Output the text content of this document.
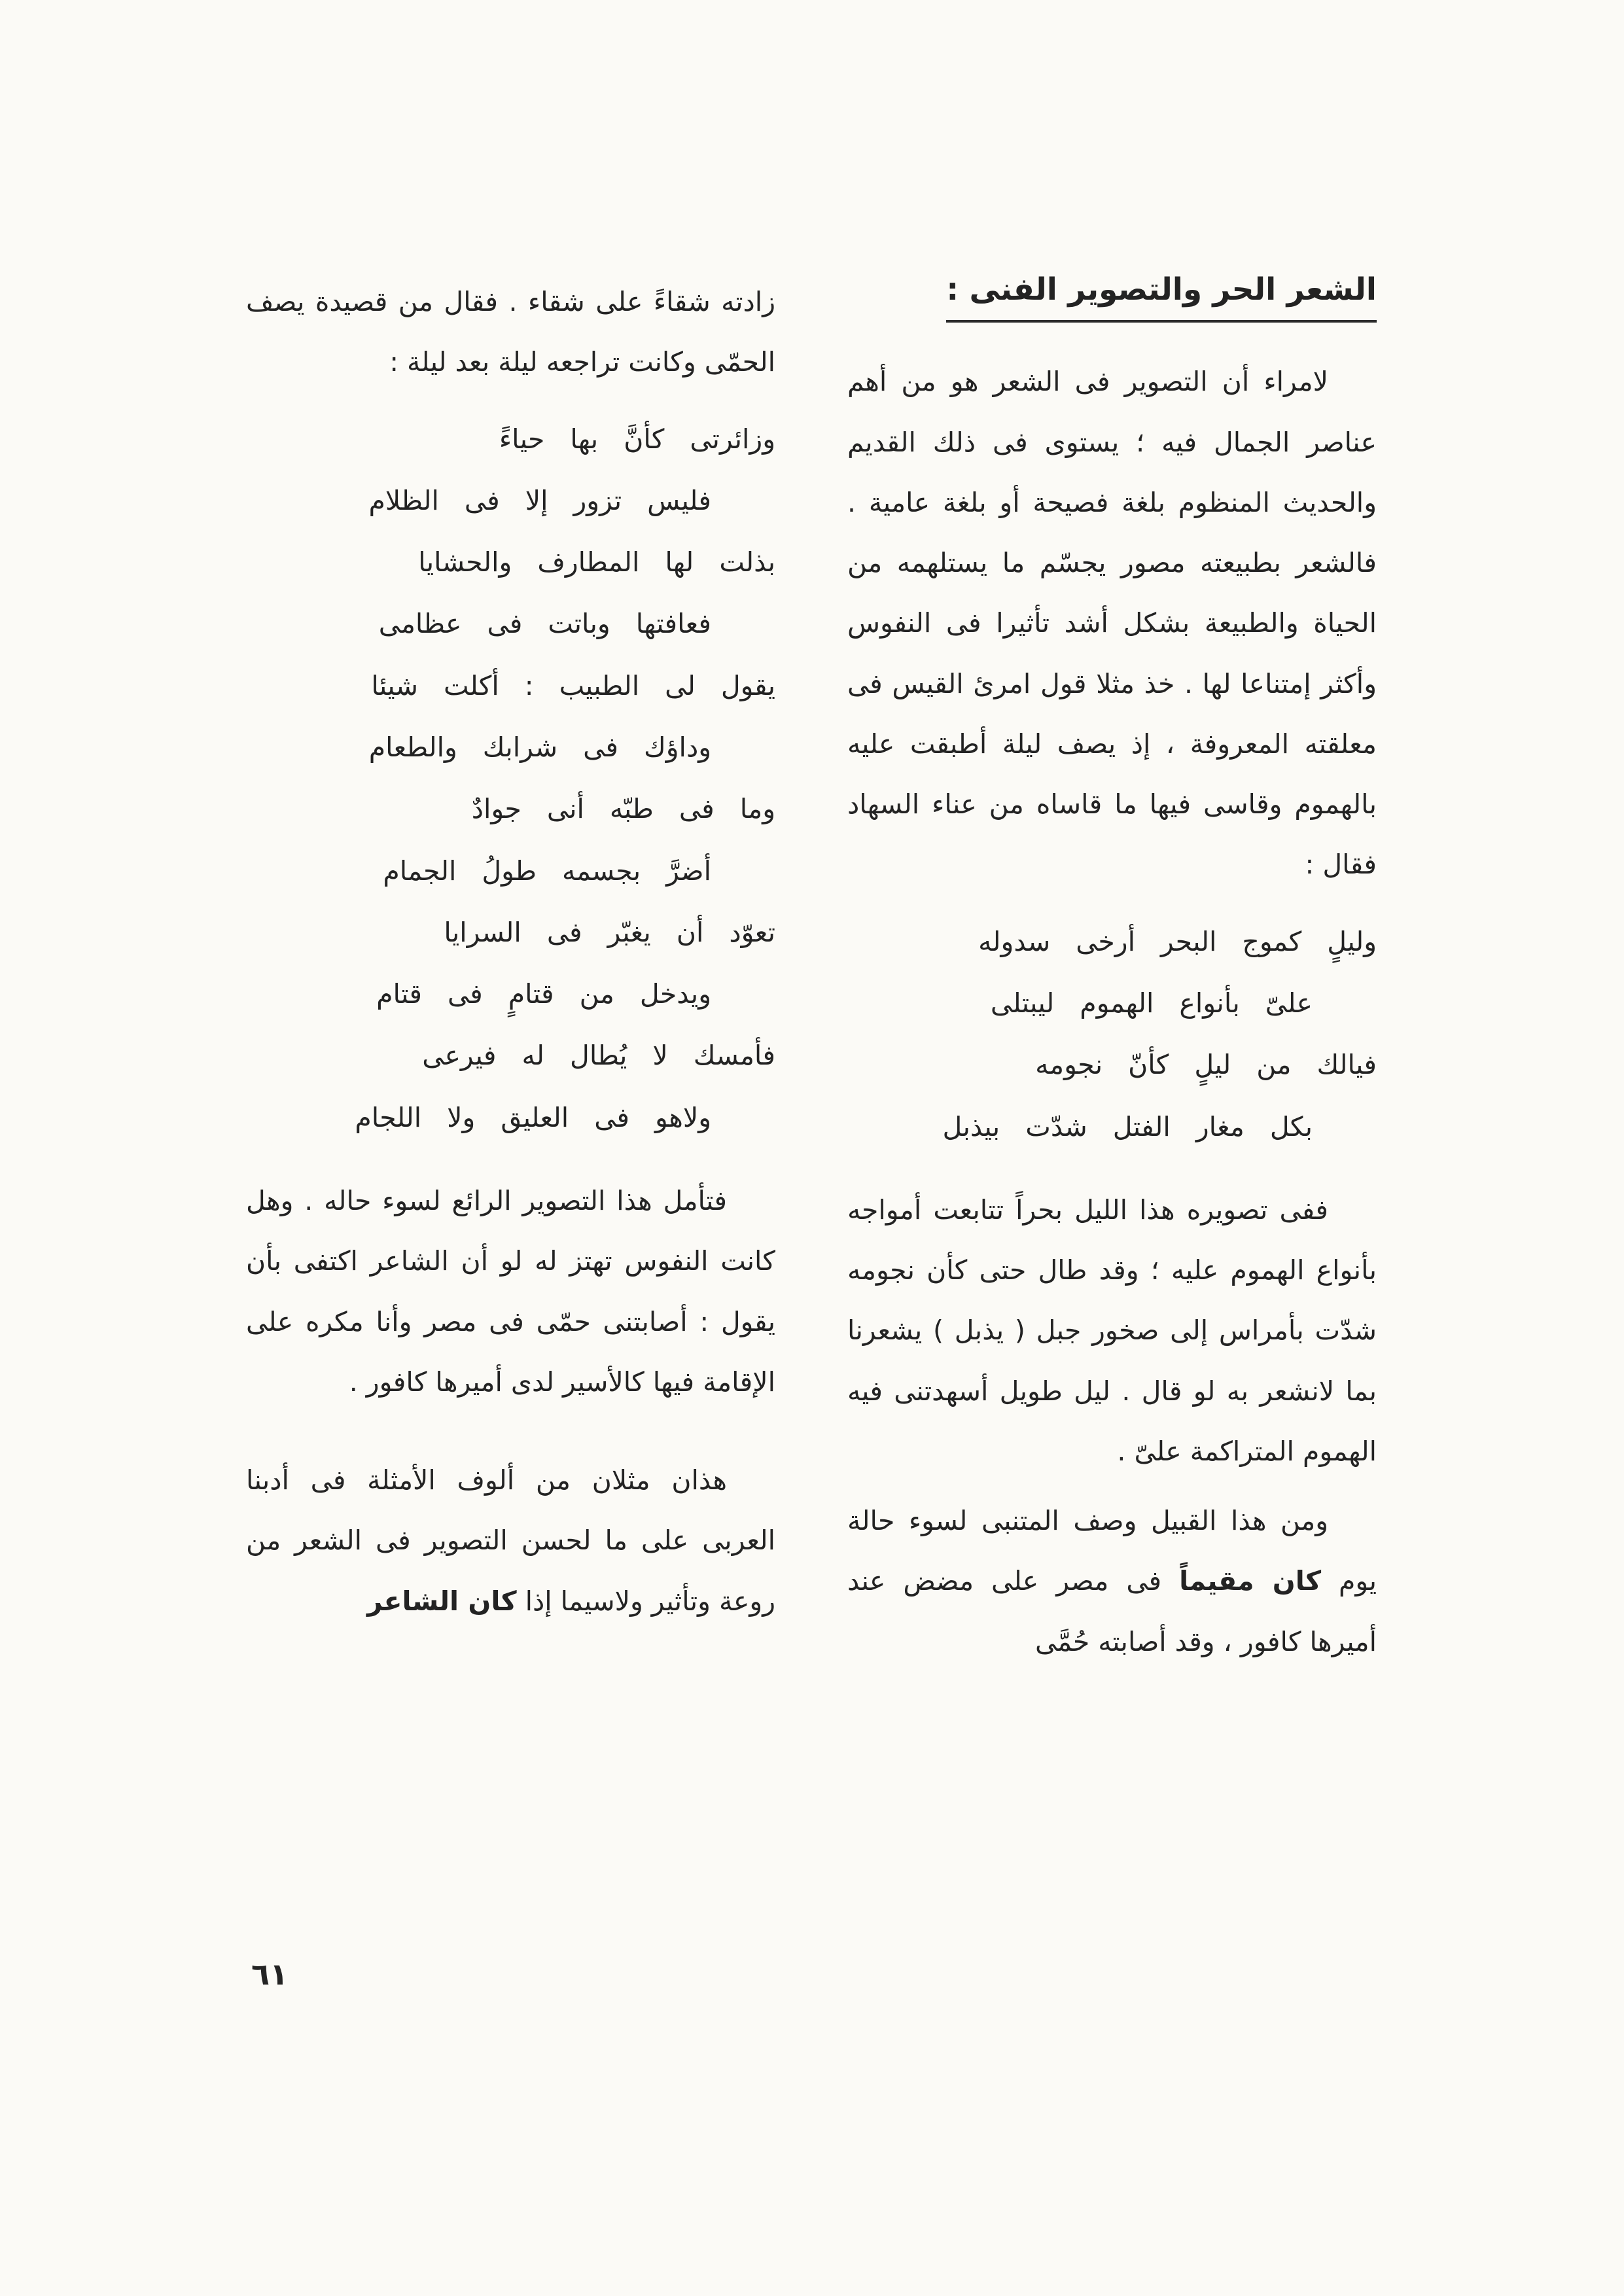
الشعر الحر والتصوير الفنى :

لامراء أن التصوير فى الشعر هو من أهم عناصر الجمال فيه ؛ يستوى فى ذلك القديم والحديث المنظوم بلغة فصيحة أو بلغة عامية . فالشعر بطبيعته مصور يجسّم ما يستلهمه من الحياة والطبيعة بشكل أشد تأثيرا فى النفوس وأكثر إمتناعا لها . خذ مثلا قول امرئ القيس فى معلقته المعروفة ، إذ يصف ليلة أطبقت عليه بالهموم وقاسى فيها ما قاساه من عناء السهاد فقال :

وليلٍ كموج البحر أرخى سدوله
علىّ بأنواع الهموم ليبتلى
فيالك من ليلٍ كأنّ نجومه
بكل مغار الفتل شدّت بيذبل

ففى تصويره هذا الليل بحراً تتابعت أمواجه بأنواع الهموم عليه ؛ وقد طال حتى كأن نجومه شدّت بأمراس إلى صخور جبل ( يذبل ) يشعرنا بما لانشعر به لو قال . ليل طويل أسهدتنى فيه الهموم المتراكمة علىّ .

ومن هذا القبيل وصف المتنبى لسوء حالة يوم كان مقيماً فى مصر على مضض عند أميرها كافور ، وقد أصابته حُمَّى

زادته شقاءً على شقاء . فقال من قصيدة يصف الحمّى وكانت تراجعه ليلة بعد ليلة :

وزائرتى كأنَّ بها حياءً
فليس تزور إلا فى الظلام
بذلت لها المطارف والحشايا
فعافتها وباتت فى عظامى
يقول لى الطبيب : أكلت شيئا
وداؤك فى شرابك والطعام
وما فى طبّه أنى جوادٌ
أضرَّ بجسمه طولُ الجمام
تعوّد أن يغبّر فى السرايا
ويدخل من قتامٍ فى قتام
فأمسك لا يُطال له فيرعى
ولاهو فى العليق ولا اللجام

فتأمل هذا التصوير الرائع لسوء حاله . وهل كانت النفوس تهتز له لو أن الشاعر اكتفى بأن يقول : أصابتنى حمّى فى مصر وأنا مكره على الإقامة فيها كالأسير لدى أميرها كافور .

هذان مثلان من ألوف الأمثلة فى أدبنا العربى على ما لحسن التصوير فى الشعر من روعة وتأثير ولاسيما إذا كان الشاعر

٦١
